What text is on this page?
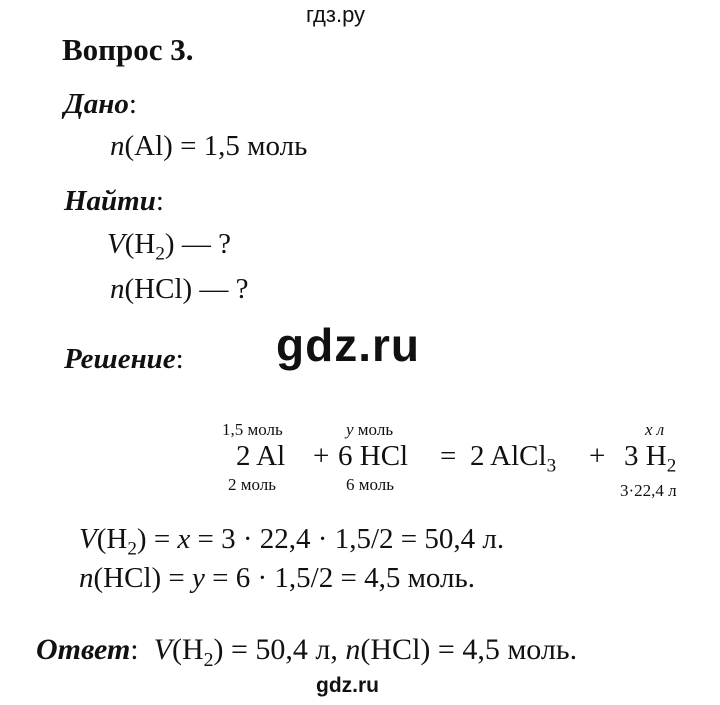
гдз.ру
Вопрос 3.
Дано:
n(Al) = 1,5 моль
Найти:
$V(H_2)$ — ?
n(HCl) — ?
gdz.ru
Решение:
1,5 моль
2 Al
2 моль
+
y моль
6 HCl
6 моль
= 2 AlCl$_3$ +
x л
3 $H_2$
3·22,4 л
$V(H_2) = x = 3 \cdot 22,4 \cdot 1,5/2 = 50,4$ л.
n(HCl) = y = 6 · 1,5/2 = 4,5 моль.
Ответ:  $V(H_2) = 50,4$ л, n(HCl) = 4,5 моль.
gdz.ru
